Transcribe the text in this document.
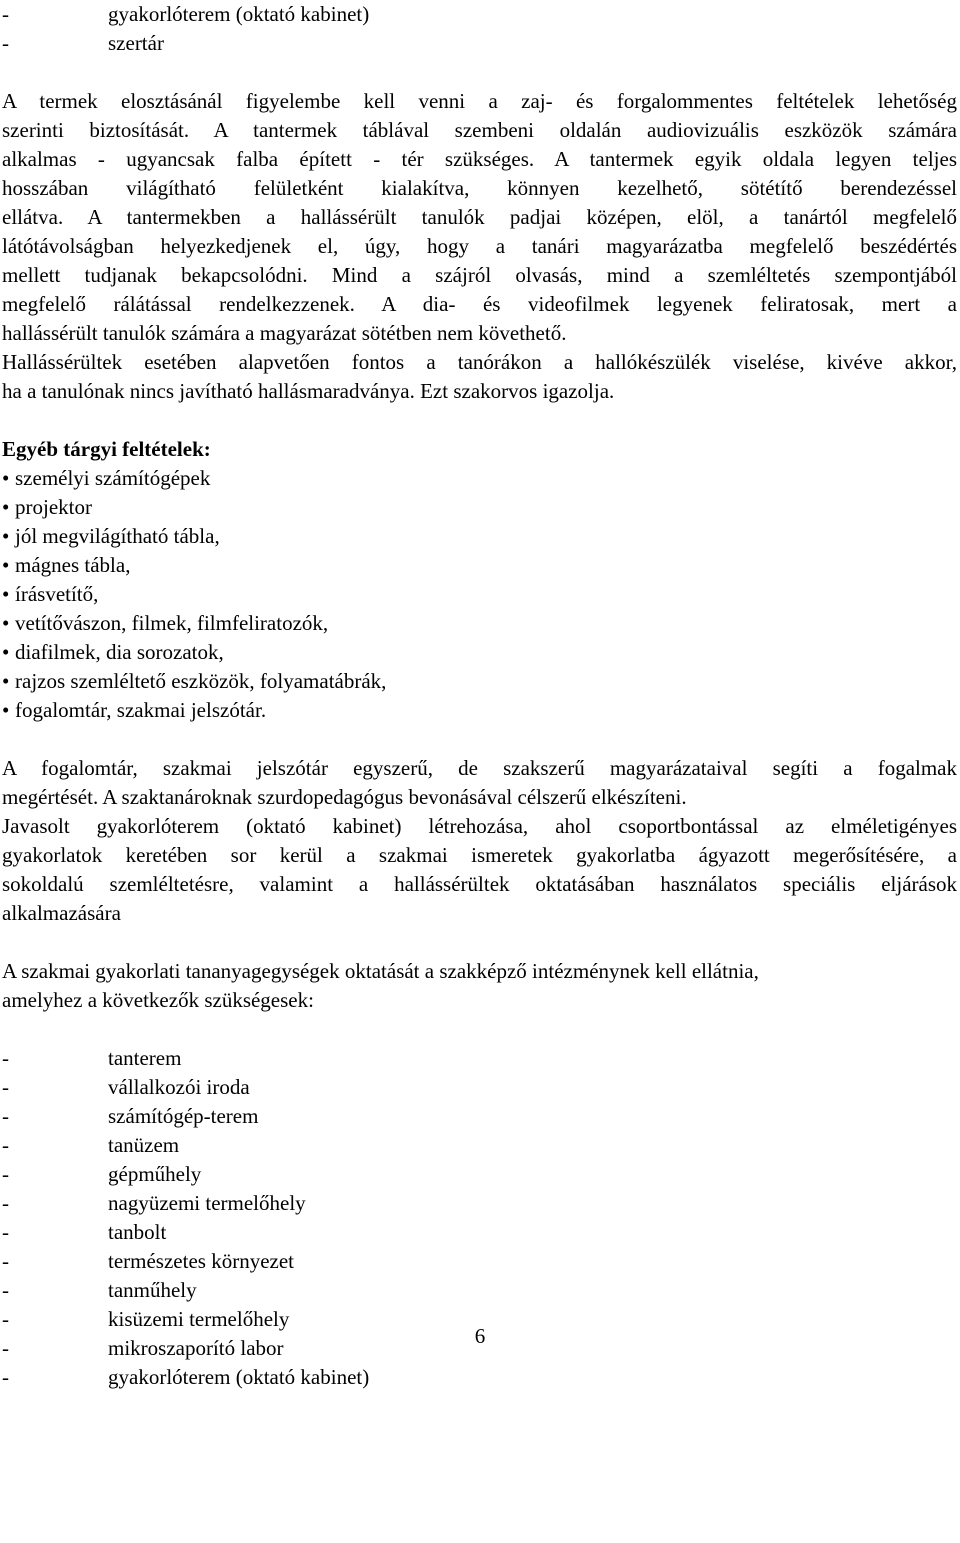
-	gyakorlóterem (oktató kabinet)
-	szertár
A termek elosztásánál figyelembe kell venni a zaj- és forgalommentes feltételek lehetőség
szerinti biztosítását. A tantermek táblával szembeni oldalán audiovizuális eszközök számára
alkalmas - ugyancsak falba épített - tér szükséges. A tantermek egyik oldala legyen teljes
hosszában világítható felületként kialakítva, könnyen kezelhető, sötétítő berendezéssel
ellátva. A tantermekben a hallássérült tanulók padjai középen, elöl, a tanártól megfelelő
látótávolságban helyezkedjenek el, úgy, hogy a tanári magyarázatba megfelelő beszédértés
mellett tudjanak bekapcsolódni. Mind a szájról olvasás, mind a szemléltetés szempontjából
megfelelő rálátással rendelkezzenek. A dia- és videofilmek legyenek feliratosak, mert a
hallássérült tanulók számára a magyarázat sötétben nem követhető.
Hallássérültek esetében alapvetően fontos a tanórákon a hallókészülék viselése, kivéve akkor,
ha a tanulónak nincs javítható hallásmaradványa. Ezt szakorvos igazolja.
Egyéb tárgyi feltételek:
• személyi számítógépek
• projektor
• jól megvilágítható tábla,
• mágnes tábla,
• írásvetítő,
• vetítővászon, filmek, filmfeliratozók,
• diafilmek, dia sorozatok,
• rajzos szemléltető eszközök, folyamatábrák,
• fogalomtár, szakmai jelszótár.
A fogalomtár, szakmai jelszótár egyszerű, de szakszerű magyarázataival segíti a fogalmak
megértését. A szaktanároknak szurdopedagógus bevonásával célszerű elkészíteni.
Javasolt gyakorlóterem (oktató kabinet) létrehozása, ahol csoportbontással az elméletigényes
gyakorlatok keretében sor kerül a szakmai ismeretek gyakorlatba ágyazott megerősítésére, a
sokoldalú szemléltetésre, valamint a hallássérültek oktatásában használatos speciális eljárások
alkalmazására
A szakmai gyakorlati tananyagegységek oktatását a szakképző intézménynek kell ellátnia,
amelyhez a következők szükségesek:
-	tanterem
-	vállalkozói iroda
-	számítógép-terem
-	tanüzem
-	gépműhely
-	nagyüzemi termelőhely
-	tanbolt
-	természetes környezet
-	tanműhely
-	kisüzemi termelőhely
-	mikroszaporító labor
-	gyakorlóterem (oktató kabinet)
6
